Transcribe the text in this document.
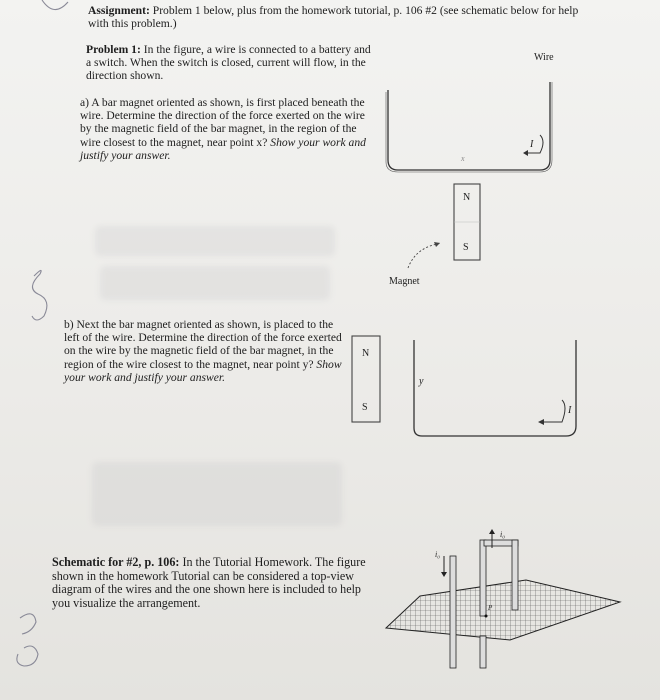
Assignment: Problem 1 below, plus from the homework tutorial, p. 106 #2 (see schematic below for help with this problem.)
Problem 1: In the figure, a wire is connected to a battery and a switch. When the switch is closed, current will flow, in the direction shown.
a) A bar magnet oriented as shown, is first placed beneath the wire. Determine the direction of the force exerted on the wire by the magnetic field of the bar magnet, in the region of the wire closest to the magnet, near point x? Show your work and justify your answer.
b) Next the bar magnet oriented as shown, is placed to the left of the wire. Determine the direction of the force exerted on the wire by the magnetic field of the bar magnet, in the region of the wire closest to the magnet, near point y? Show your work and justify your answer.
Schematic for #2, p. 106: In the Tutorial Homework. The figure shown in the homework Tutorial can be considered a top-view diagram of the wires and the one shown here is included to help you visualize the arrangement.
Wire
I
x
N
S
Magnet
N
S
y
I
i₀
i₀
